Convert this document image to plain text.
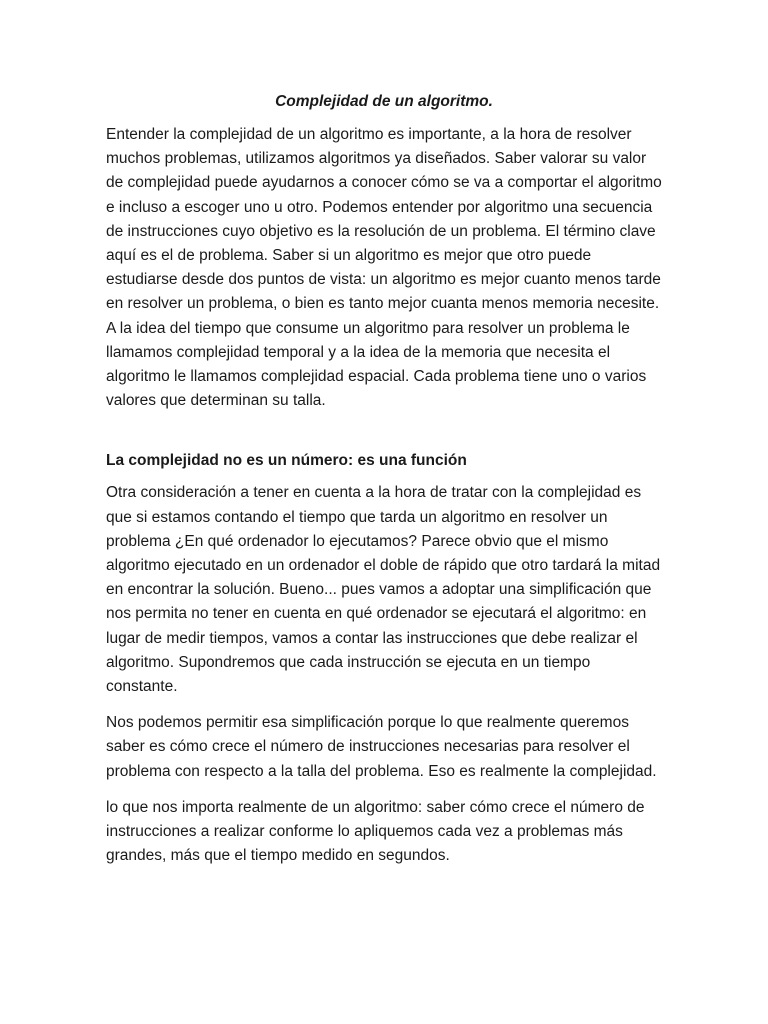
Complejidad de un algoritmo.

Entender la complejidad de un algoritmo es importante, a la hora de resolver muchos problemas, utilizamos algoritmos ya diseñados. Saber valorar su valor de complejidad puede ayudarnos a conocer cómo se va a comportar el algoritmo e incluso a escoger uno u otro. Podemos entender por algoritmo una secuencia de instrucciones cuyo objetivo es la resolución de un problema. El término clave aquí es el de problema. Saber si un algoritmo es mejor que otro puede estudiarse desde dos puntos de vista: un algoritmo es mejor cuanto menos tarde en resolver un problema, o bien es tanto mejor cuanta menos memoria necesite. A la idea del tiempo que consume un algoritmo para resolver un problema le llamamos complejidad temporal y a la idea de la memoria que necesita el algoritmo le llamamos complejidad espacial. Cada problema tiene uno o varios valores que determinan su talla.

La complejidad no es un número: es una función

Otra consideración a tener en cuenta a la hora de tratar con la complejidad es que si estamos contando el tiempo que tarda un algoritmo en resolver un problema ¿En qué ordenador lo ejecutamos? Parece obvio que el mismo algoritmo ejecutado en un ordenador el doble de rápido que otro tardará la mitad en encontrar la solución. Bueno... pues vamos a adoptar una simplificación que nos permita no tener en cuenta en qué ordenador se ejecutará el algoritmo: en lugar de medir tiempos, vamos a contar las instrucciones que debe realizar el algoritmo. Supondremos que cada instrucción se ejecuta en un tiempo constante.

Nos podemos permitir esa simplificación porque lo que realmente queremos saber es cómo crece el número de instrucciones necesarias para resolver el problema con respecto a la talla del problema. Eso es realmente la complejidad.

lo que nos importa realmente de un algoritmo: saber cómo crece el número de instrucciones a realizar conforme lo apliquemos cada vez a problemas más grandes, más que el tiempo medido en segundos.
